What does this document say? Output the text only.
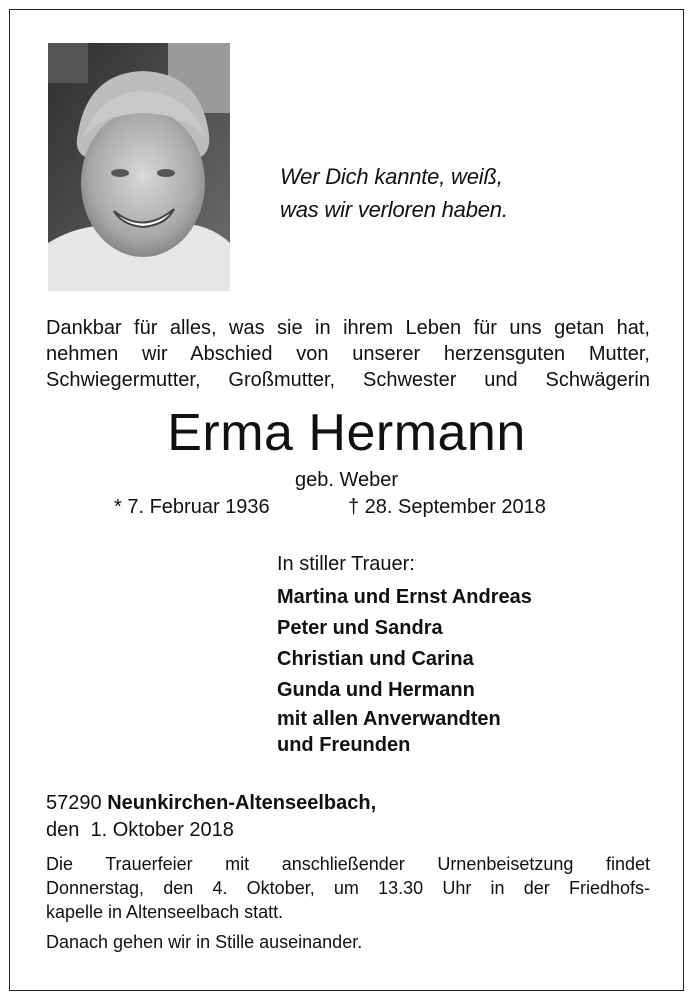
Wer Dich kannte, weiß,
was wir verloren haben.
Dankbar für alles, was sie in ihrem Leben für uns getan hat,
nehmen wir Abschied von unserer herzensguten Mutter,
Schwiegermutter, Großmutter, Schwester und Schwägerin
Erma Hermann
geb. Weber
* 7. Februar 1936	† 28. September 2018
In stiller Trauer:
Martina und Ernst Andreas
Peter und Sandra
Christian und Carina
Gunda und Hermann
mit allen Anverwandten
und Freunden
57290 Neunkirchen-Altenseelbach,
den  1. Oktober 2018
Die Trauerfeier mit anschließender Urnenbeisetzung findet
Donnerstag, den 4. Oktober, um 13.30 Uhr in der Friedhofs-
kapelle in Altenseelbach statt.
Danach gehen wir in Stille auseinander.
